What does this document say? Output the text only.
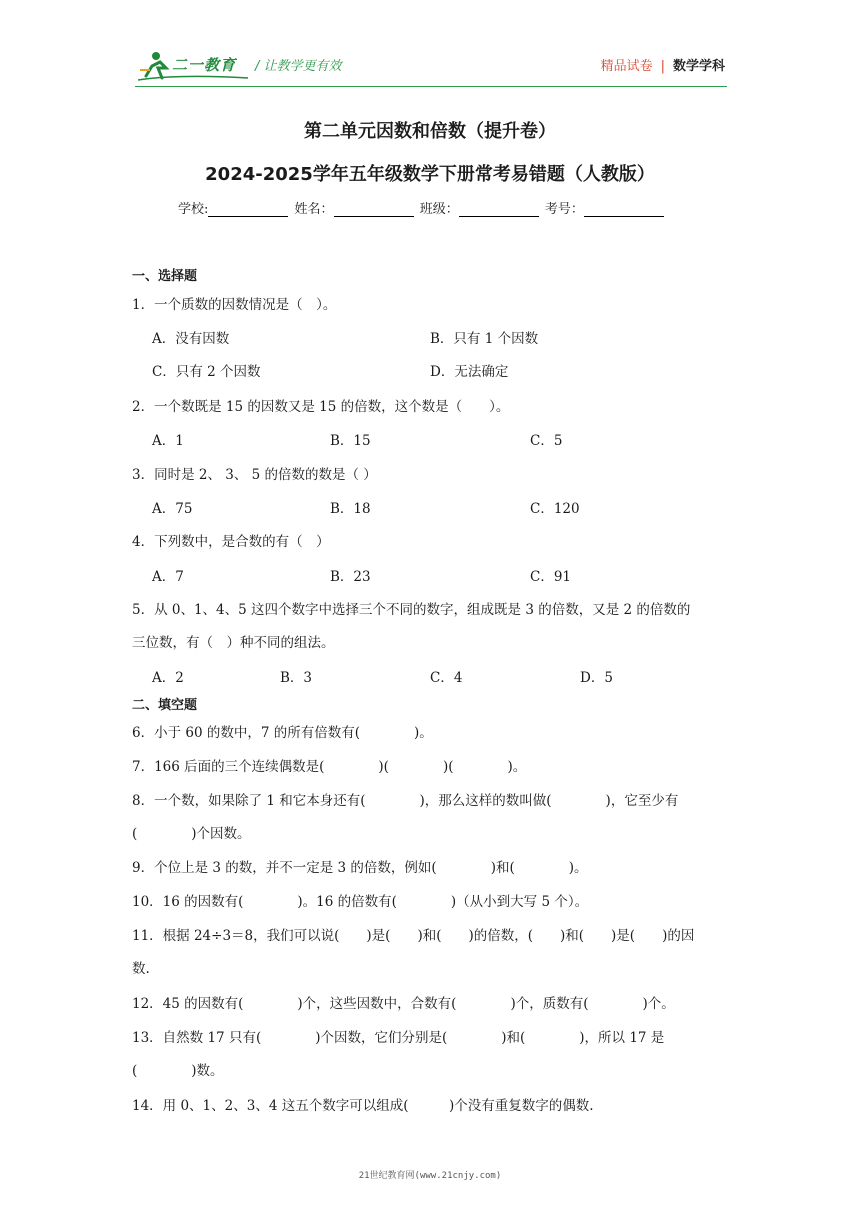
二一教育 / 让教学更有效	精品试卷 | 数学学科
第二单元因数和倍数（提升卷）
2024-2025学年五年级数学下册常考易错题（人教版）
学校:	姓名：	班级：	考号：
一、选择题
1．一个质数的因数情况是（　）。
A．没有因数	B．只有 1 个因数
C．只有 2 个因数	D．无法确定
2．一个数既是 15 的因数又是 15 的倍数，这个数是（　　）。
A．1	B．15	C．5
3．同时是 2、 3、 5 的倍数的数是（ ）
A．75	B．18	C．120
4．下列数中，是合数的有（　）
A．7	B．23	C．91
5．从 0、1、4、5 这四个数字中选择三个不同的数字，组成既是 3 的倍数，又是 2 的倍数的
三位数，有（　）种不同的组法。
A．2	B．3	C．4	D．5
二、填空题
6．小于 60 的数中，7 的所有倍数有(　　　　)。
7．166 后面的三个连续偶数是(　　　　)(　　　　)(　　　　)。
8．一个数，如果除了 1 和它本身还有(　　　　)，那么这样的数叫做(　　　　)，它至少有
(　　　　)个因数。
9．个位上是 3 的数，并不一定是 3 的倍数，例如(　　　　)和(　　　　)。
10．16 的因数有(　　　　)。16 的倍数有(　　　　)（从小到大写 5 个）。
11．根据 24÷3＝8，我们可以说(　　)是(　　)和(　　)的倍数，(　　)和(　　)是(　　)的因
数.
12．45 的因数有(　　　　)个，这些因数中，合数有(　　　　)个，质数有(　　　　)个。
13．自然数 17 只有(　　　　)个因数，它们分别是(　　　　)和(　　　　)，所以 17 是
(　　　　)数。
14．用 0、1、2、3、4 这五个数字可以组成(　　　)个没有重复数字的偶数.
21世纪教育网(www.21cnjy.com)
